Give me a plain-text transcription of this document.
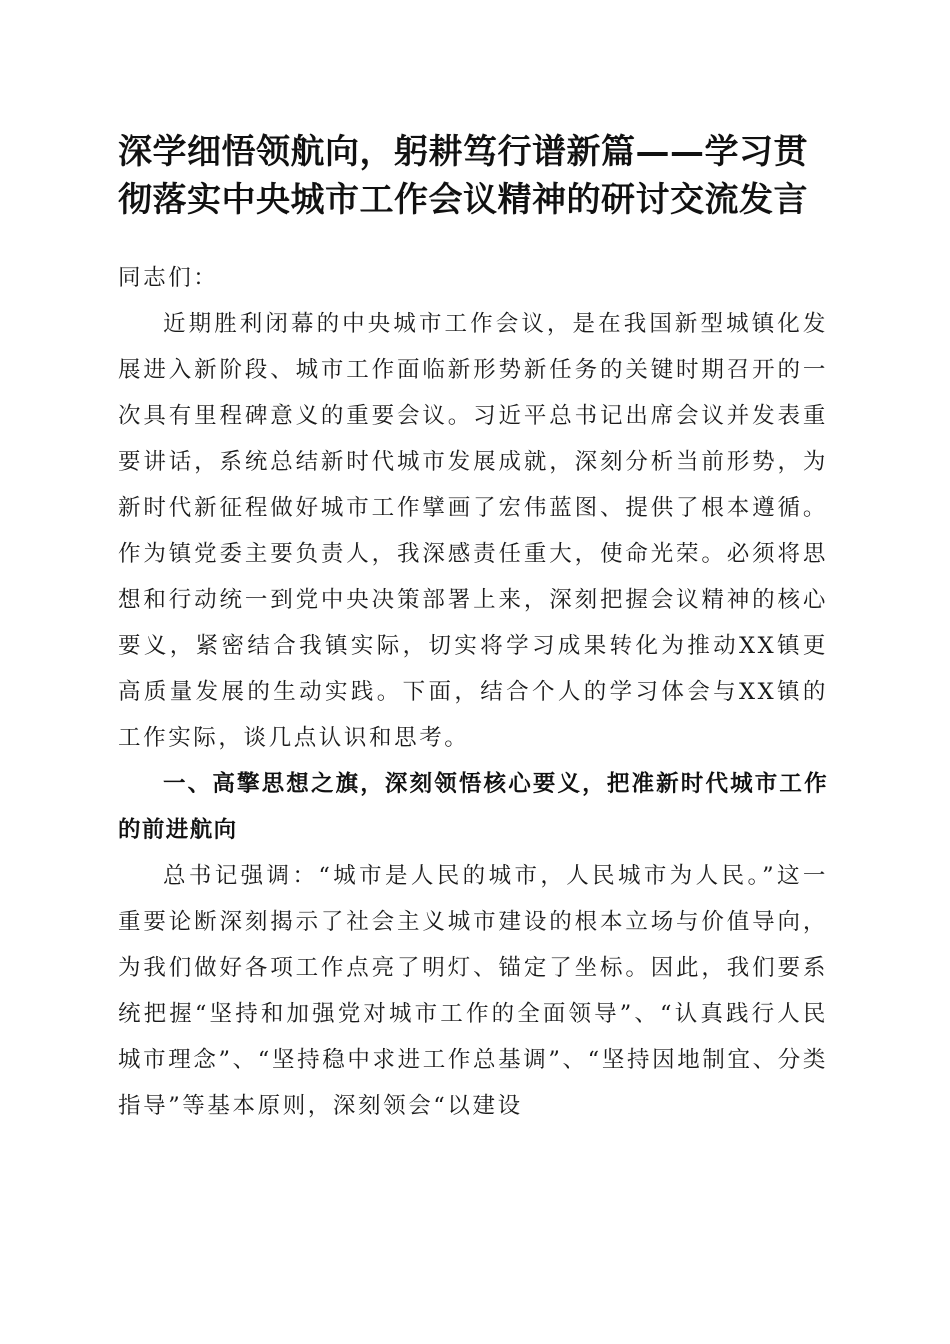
深学细悟领航向，躬耕笃行谱新篇——学习贯彻落实中央城市工作会议精神的研讨交流发言

同志们：

近期胜利闭幕的中央城市工作会议，是在我国新型城镇化发展进入新阶段、城市工作面临新形势新任务的关键时期召开的一次具有里程碑意义的重要会议。习近平总书记出席会议并发表重要讲话，系统总结新时代城市发展成就，深刻分析当前形势，为新时代新征程做好城市工作擘画了宏伟蓝图、提供了根本遵循。作为镇党委主要负责人，我深感责任重大，使命光荣。必须将思想和行动统一到党中央决策部署上来，深刻把握会议精神的核心要义，紧密结合我镇实际，切实将学习成果转化为推动XX镇更高质量发展的生动实践。下面，结合个人的学习体会与XX镇的工作实际，谈几点认识和思考。

一、高擎思想之旗，深刻领悟核心要义，把准新时代城市工作的前进航向

总书记强调：“城市是人民的城市，人民城市为人民。”这一重要论断深刻揭示了社会主义城市建设的根本立场与价值导向，为我们做好各项工作点亮了明灯、锚定了坐标。因此，我们要系统把握“坚持和加强党对城市工作的全面领导”、“认真践行人民城市理念”、“坚持稳中求进工作总基调”、“坚持因地制宜、分类指导”等基本原则，深刻领会“以建设
